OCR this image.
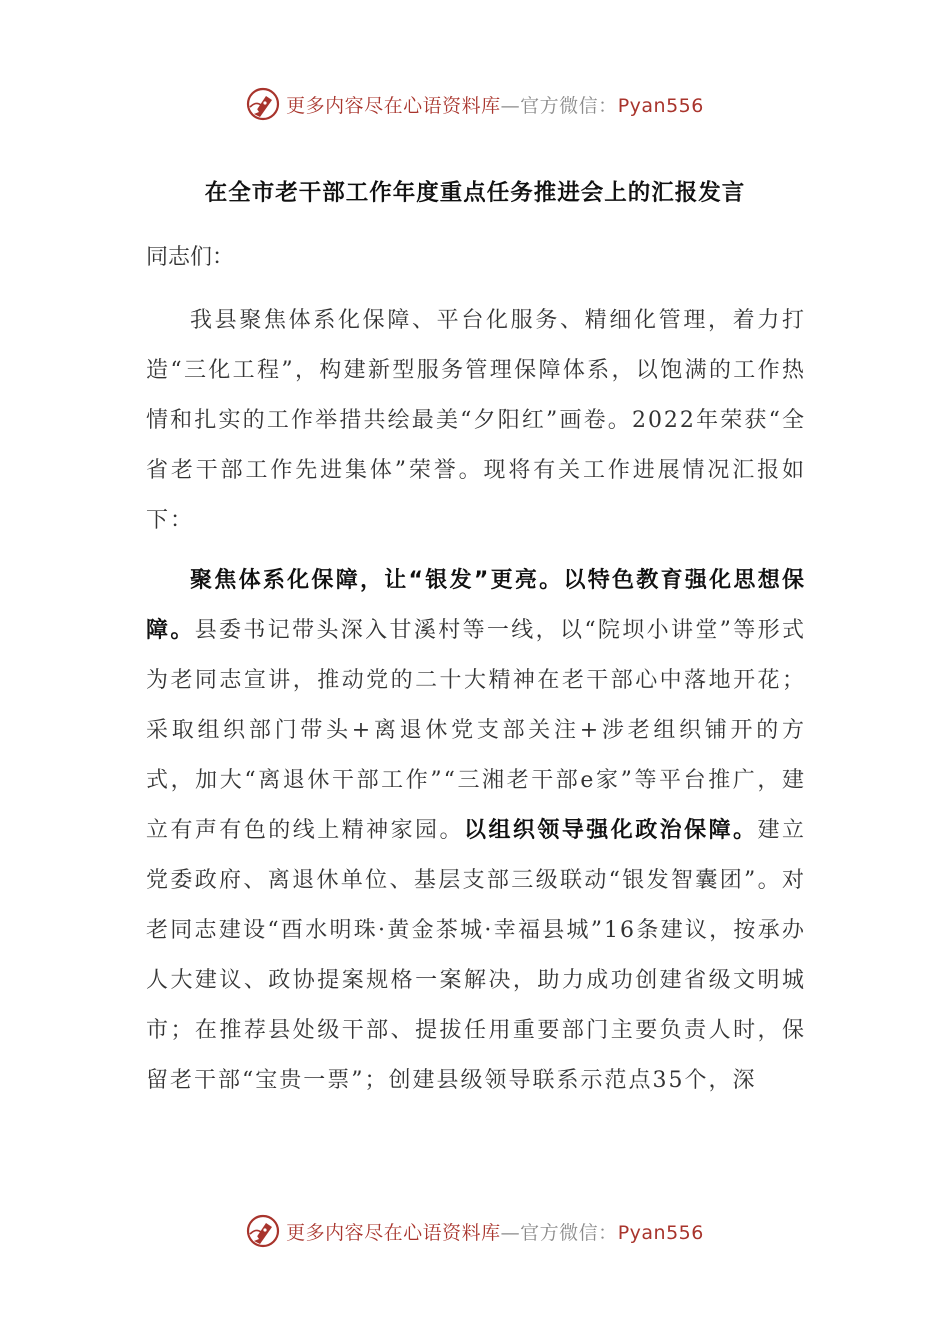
更多内容尽在心语资料库—官方微信：Pyan556
在全市老干部工作年度重点任务推进会上的汇报发言
同志们：

我县聚焦体系化保障、平台化服务、精细化管理，着力打造“三化工程”，构建新型服务管理保障体系，以饱满的工作热情和扎实的工作举措共绘最美“夕阳红”画卷。2022年荣获“全省老干部工作先进集体”荣誉。现将有关工作进展情况汇报如下：

聚焦体系化保障，让“银发”更亮。以特色教育强化思想保障。县委书记带头深入甘溪村等一线，以“院坝小讲堂”等形式为老同志宣讲，推动党的二十大精神在老干部心中落地开花；采取组织部门带头+离退休党支部关注+涉老组织铺开的方式，加大“离退休干部工作”“三湘老干部e家”等平台推广，建立有声有色的线上精神家园。以组织领导强化政治保障。建立党委政府、离退休单位、基层支部三级联动“银发智囊团”。对老同志建设“酉水明珠·黄金茶城·幸福县城”16条建议，按承办人大建议、政协提案规格一案解决，助力成功创建省级文明城市；在推荐县处级干部、提拔任用重要部门主要负责人时，保留老干部“宝贵一票”；创建县级领导联系示范点35个，深

更多内容尽在心语资料库—官方微信：Pyan556
